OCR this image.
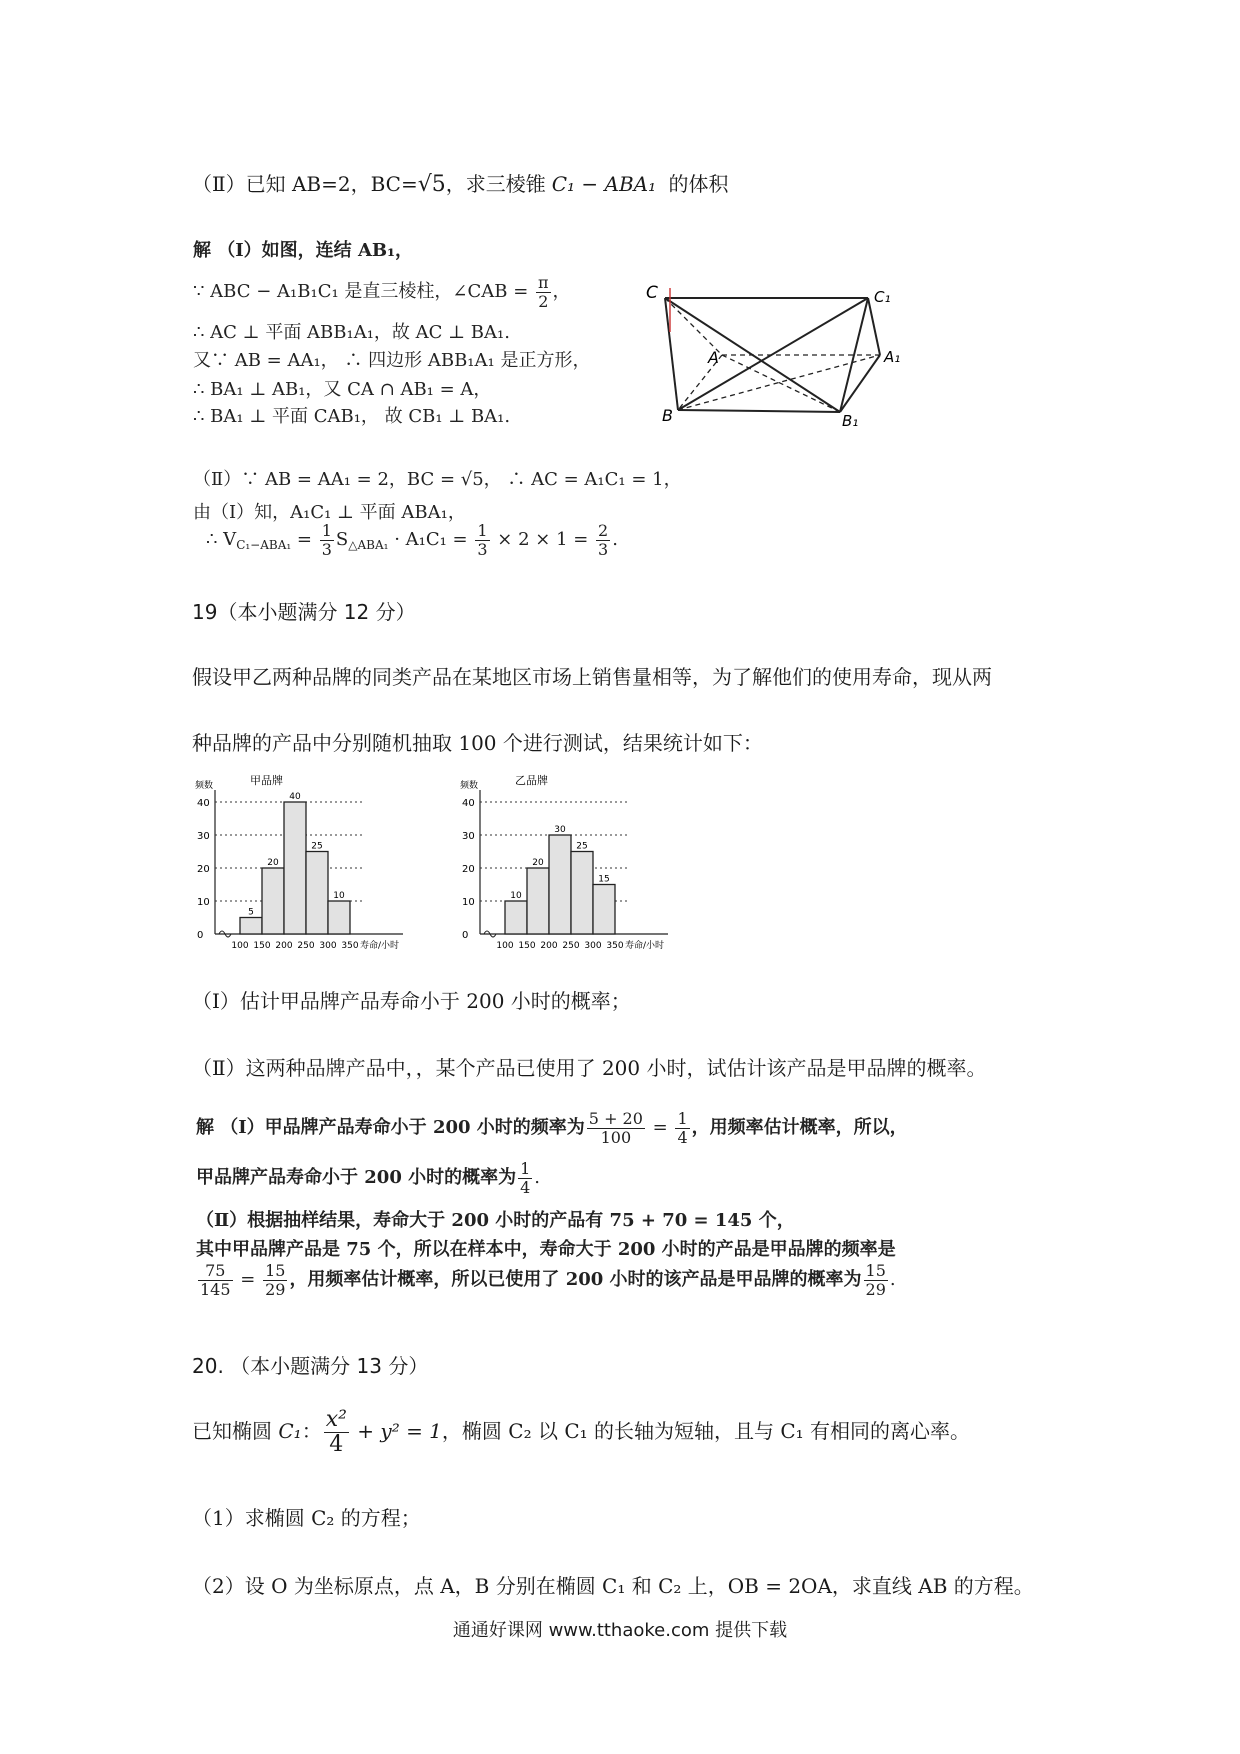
（Ⅱ）已知 AB=2，BC=√5，求三棱锥 C₁ − ABA₁ 的体积
解 （Ⅰ）如图，连结 AB₁，
∵ ABC − A₁B₁C₁ 是直三棱柱，∠CAB = $\frac{\pi}{2}$ ，
∴ AC ⊥ 平面 ABB₁A₁，故 AC ⊥ BA₁.
又∵ AB = AA₁， ∴ 四边形 ABB₁A₁ 是正方形，
∴ BA₁ ⊥ AB₁，又 CA ∩ AB₁ = A，
∴ BA₁ ⊥ 平面 CAB₁， 故 CB₁ ⊥ BA₁.
C	C₁
A	A₁
B	B₁
（Ⅱ）∵ AB = AA₁ = 2，BC = √5， ∴ AC = A₁C₁ = 1，
由（Ⅰ）知，A₁C₁ ⊥ 平面 ABA₁，
∴ $V_{C_1-ABA_1} = \frac{1}{3} S_{\triangle ABA_1} \cdot A_1C_1 = \frac{1}{3} \times 2 \times 1 = \frac{2}{3}$ .
19（本小题满分 12 分）
假设甲乙两种品牌的同类产品在某地区市场上销售量相等，为了解他们的使用寿命，现从两
种品牌的产品中分别随机抽取 100 个进行测试，结果统计如下：
甲品牌
频数
0
10
20
30
40
5
20
40
25
10
100 150 200 250 300 350 寿命/小时
乙品牌
频数
0
10
20
30
40
10
20
30
25
15
100 150 200 250 300 350 寿命/小时
（Ⅰ）估计甲品牌产品寿命小于 200 小时的概率；
（Ⅱ）这两种品牌产品中，，某个产品已使用了 200 小时，试估计该产品是甲品牌的概率。
解 （Ⅰ）甲品牌产品寿命小于 200 小时的频率为 $\frac{5 + 20}{100} = \frac{1}{4}$ ，用频率估计概率，所以，
甲品牌产品寿命小于 200 小时的概率为 $\frac{1}{4}$ .
（Ⅱ）根据抽样结果，寿命大于 200 小时的产品有 75 + 70 = 145 个，
其中甲品牌产品是 75 个，所以在样本中，寿命大于 200 小时的产品是甲品牌的频率是
$\frac{75}{145} = \frac{15}{29}$ ，用频率估计概率，所以已使用了 200 小时的该产品是甲品牌的概率为 $\frac{15}{29}$ .
20. （本小题满分 13 分）
已知椭圆 C₁： $\frac{\text{x²}}{4} + y^2 = 1$，椭圆 C₂ 以 C₁ 的长轴为短轴，且与 C₁ 有相同的离心率。
（1）求椭圆 C₂ 的方程；
（2）设 O 为坐标原点，点 A，B 分别在椭圆 C₁ 和 C₂ 上，OB = 2OA，求直线 AB 的方程。
通通好课网 www.tthaoke.com 提供下载
